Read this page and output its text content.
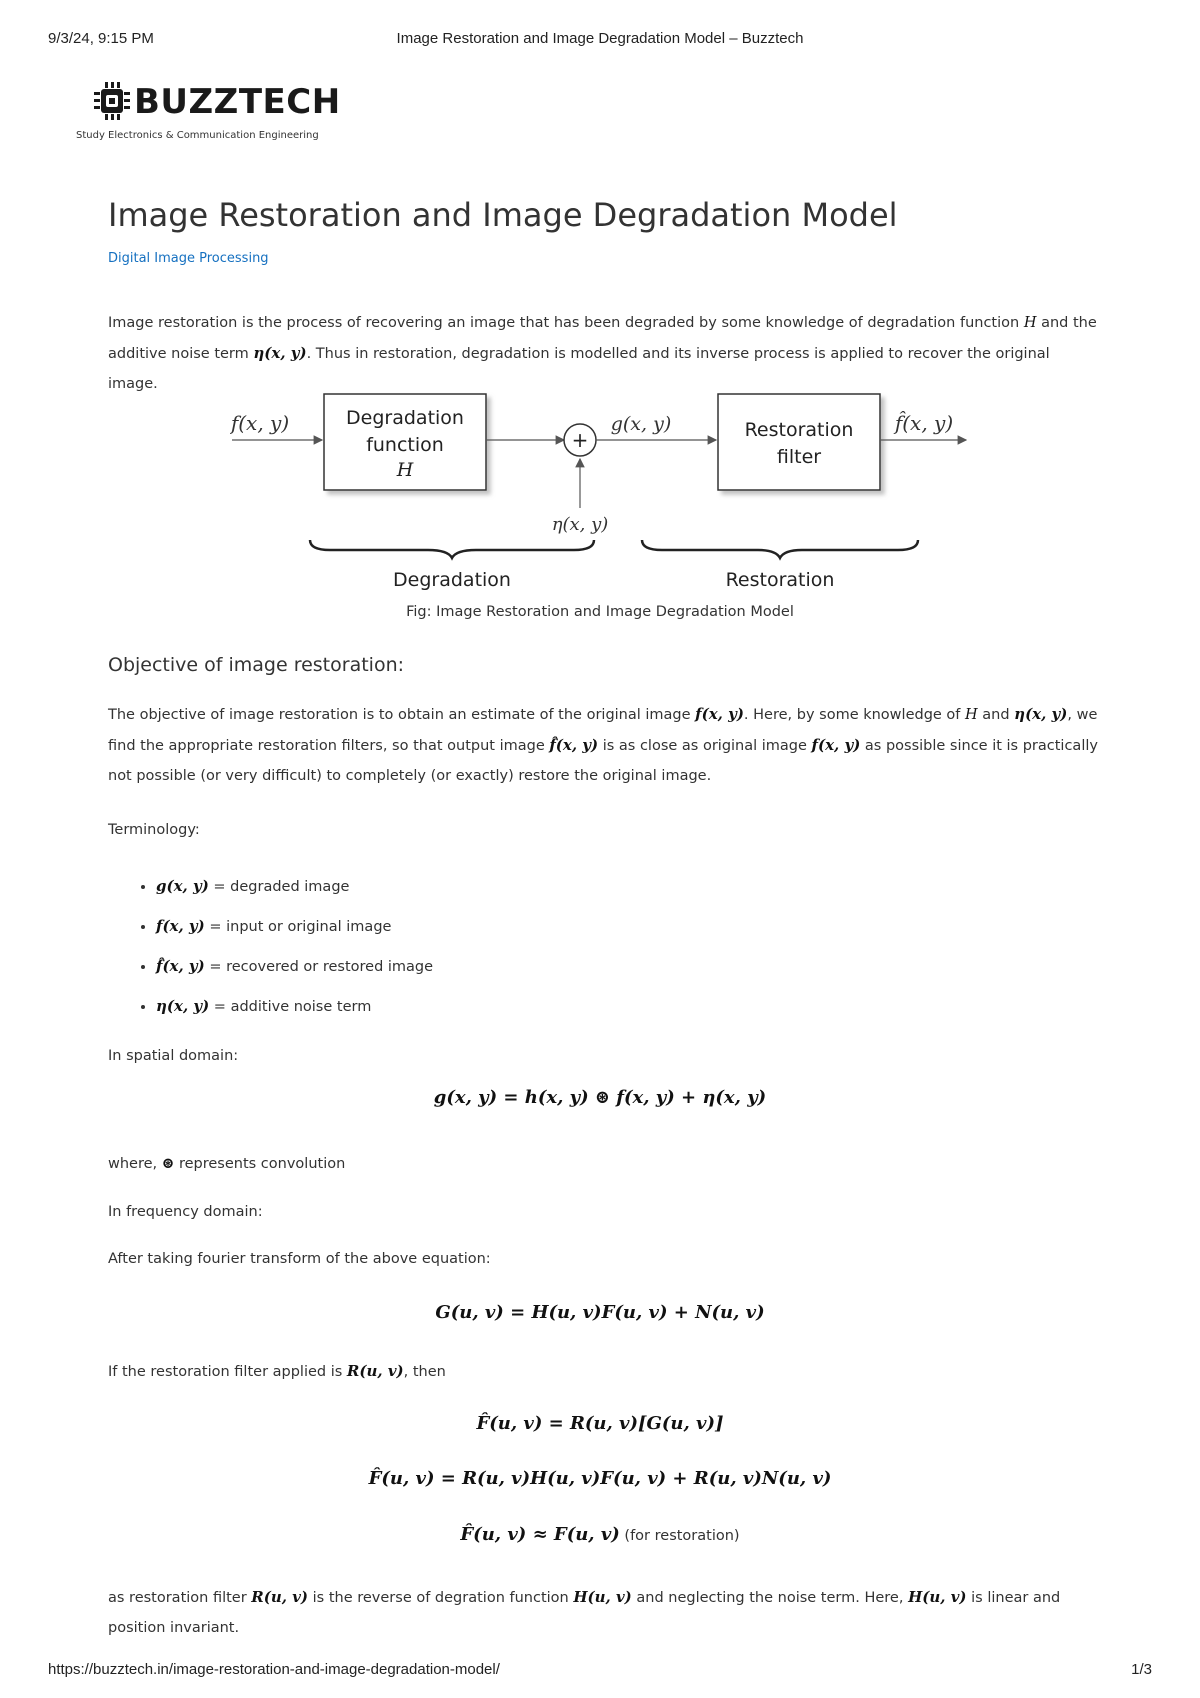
9/3/24, 9:15 PM	Image Restoration and Image Degradation Model – Buzztech
BUZZTECH
Study Electronics & Communication Engineering
Image Restoration and Image Degradation Model
Digital Image Processing
Image restoration is the process of recovering an image that has been degraded by some knowledge of degradation function H and the additive noise term η(x, y). Thus in restoration, degradation is modelled and its inverse process is applied to recover the original image.
f(x, y)	Degradation
function
H
+
η(x, y)
g(x, y)	Restoration
filter
f̂(x, y)
Degradation	Restoration
Fig: Image Restoration and Image Degradation Model
Objective of image restoration:
The objective of image restoration is to obtain an estimate of the original image f(x, y). Here, by some knowledge of H and η(x, y), we find the appropriate restoration filters, so that output image f̂(x, y) is as close as original image f(x, y) as possible since it is practically not possible (or very difficult) to completely (or exactly) restore the original image.
Terminology:
• g(x, y) = degraded image
• f(x, y) = input or original image
• f̂(x, y) = recovered or restored image
• η(x, y) = additive noise term
In spatial domain:
g(x, y) = h(x, y) ⊛ f(x, y) + η(x, y)
where, ⊛ represents convolution
In frequency domain:
After taking fourier transform of the above equation:
G(u, v) = H(u, v)F(u, v) + N(u, v)
If the restoration filter applied is R(u, v), then
F̂(u, v) = R(u, v)[G(u, v)]
F̂(u, v) = R(u, v)H(u, v)F(u, v) + R(u, v)N(u, v)
F̂(u, v) ≈ F(u, v) (for restoration)
as restoration filter R(u, v) is the reverse of degration function H(u, v) and neglecting the noise term. Here, H(u, v) is linear and position invariant.
https://buzztech.in/image-restoration-and-image-degradation-model/	1/3
